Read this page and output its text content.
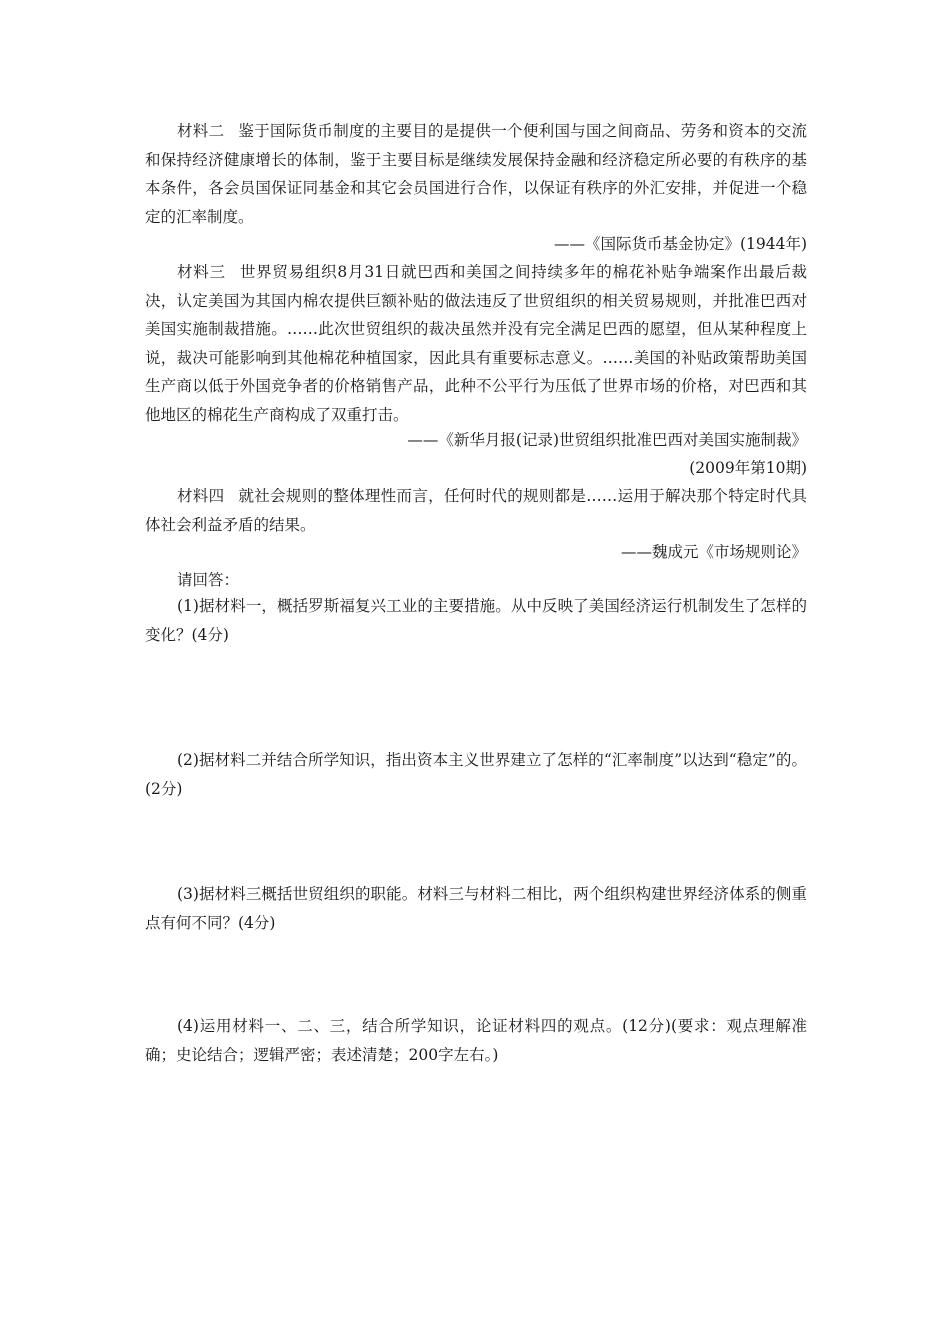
材料二 鉴于国际货币制度的主要目的是提供一个便利国与国之间商品、劳务和资本的交流和保持经济健康增长的体制，鉴于主要目标是继续发展保持金融和经济稳定所必要的有秩序的基本条件，各会员国保证同基金和其它会员国进行合作，以保证有秩序的外汇安排，并促进一个稳定的汇率制度。

——《国际货币基金协定》(1944年)

材料三 世界贸易组织8月31日就巴西和美国之间持续多年的棉花补贴争端案作出最后裁决，认定美国为其国内棉农提供巨额补贴的做法违反了世贸组织的相关贸易规则，并批准巴西对美国实施制裁措施。……此次世贸组织的裁决虽然并没有完全满足巴西的愿望，但从某种程度上说，裁决可能影响到其他棉花种植国家，因此具有重要标志意义。……美国的补贴政策帮助美国生产商以低于外国竞争者的价格销售产品，此种不公平行为压低了世界市场的价格，对巴西和其他地区的棉花生产商构成了双重打击。

——《新华月报(记录)世贸组织批准巴西对美国实施制裁》

(2009年第10期)

材料四 就社会规则的整体理性而言，任何时代的规则都是……运用于解决那个特定时代具体社会利益矛盾的结果。

——魏成元《市场规则论》

请回答：

(1)据材料一，概括罗斯福复兴工业的主要措施。从中反映了美国经济运行机制发生了怎样的变化？(4分)

(2)据材料二并结合所学知识，指出资本主义世界建立了怎样的“汇率制度”以达到“稳定”的。(2分)

(3)据材料三概括世贸组织的职能。材料三与材料二相比，两个组织构建世界经济体系的侧重点有何不同？(4分)

(4)运用材料一、二、三，结合所学知识，论证材料四的观点。(12分)(要求：观点理解准确；史论结合；逻辑严密；表述清楚；200字左右。)
